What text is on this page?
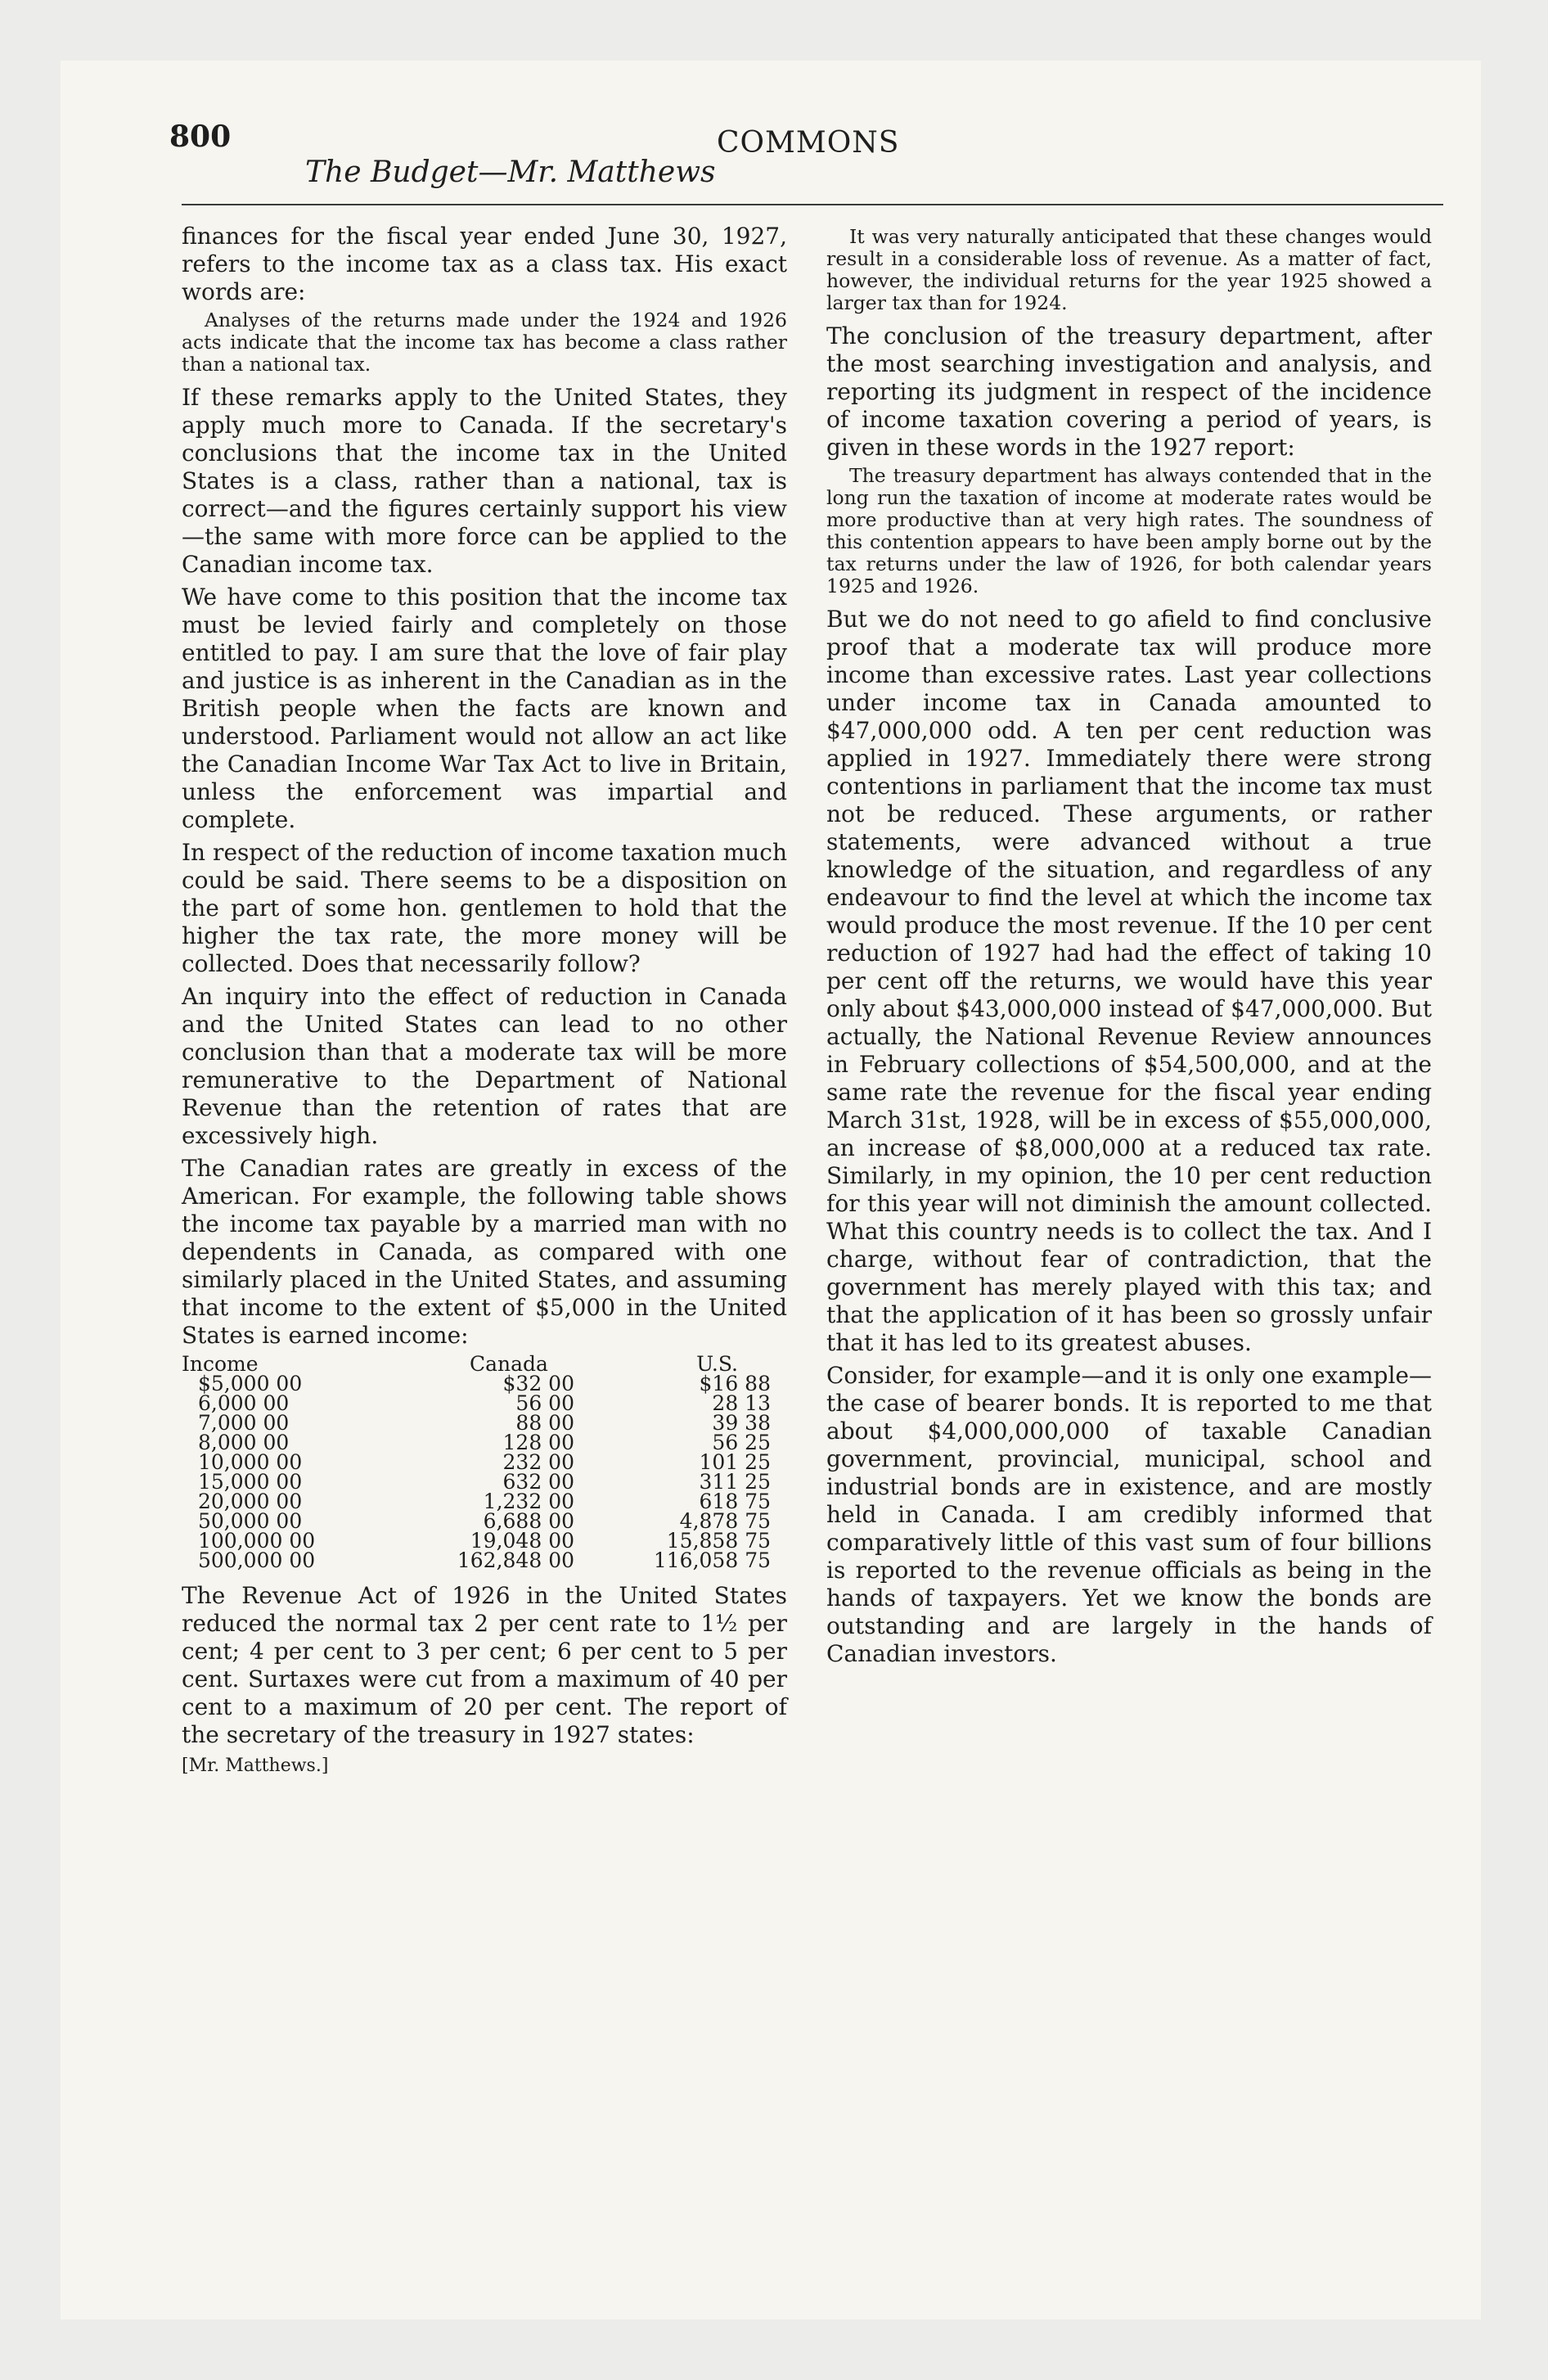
800	COMMONS
The Budget—Mr. Matthews

finances for the fiscal year ended June 30, 1927, refers to the income tax as a class tax. His exact words are:

Analyses of the returns made under the 1924 and 1926 acts indicate that the income tax has become a class rather than a national tax.

If these remarks apply to the United States, they apply much more to Canada. If the secretary's conclusions that the income tax in the United States is a class, rather than a national, tax is correct—and the figures certainly support his view—the same with more force can be applied to the Canadian income tax.

We have come to this position that the income tax must be levied fairly and completely on those entitled to pay. I am sure that the love of fair play and justice is as inherent in the Canadian as in the British people when the facts are known and understood. Parliament would not allow an act like the Canadian Income War Tax Act to live in Britain, unless the enforcement was impartial and complete.

In respect of the reduction of income taxation much could be said. There seems to be a disposition on the part of some hon. gentlemen to hold that the higher the tax rate, the more money will be collected. Does that necessarily follow?

An inquiry into the effect of reduction in Canada and the United States can lead to no other conclusion than that a moderate tax will be more remunerative to the Department of National Revenue than the retention of rates that are excessively high.

The Canadian rates are greatly in excess of the American. For example, the following table shows the income tax payable by a married man with no dependents in Canada, as compared with one similarly placed in the United States, and assuming that income to the extent of $5,000 in the United States is earned income:

Income	Canada	U.S.
$5,000 00	$32 00	$16 88
6,000 00	56 00	28 13
7,000 00	88 00	39 38
8,000 00	128 00	56 25
10,000 00	232 00	101 25
15,000 00	632 00	311 25
20,000 00	1,232 00	618 75
50,000 00	6,688 00	4,878 75
100,000 00	19,048 00	15,858 75
500,000 00	162,848 00	116,058 75

The Revenue Act of 1926 in the United States reduced the normal tax 2 per cent rate to 1½ per cent; 4 per cent to 3 per cent; 6 per cent to 5 per cent. Surtaxes were cut from a maximum of 40 per cent to a maximum of 20 per cent. The report of the secretary of the treasury in 1927 states:

[Mr. Matthews.]

It was very naturally anticipated that these changes would result in a considerable loss of revenue. As a matter of fact, however, the individual returns for the year 1925 showed a larger tax than for 1924.

The conclusion of the treasury department, after the most searching investigation and analysis, and reporting its judgment in respect of the incidence of income taxation covering a period of years, is given in these words in the 1927 report:

The treasury department has always contended that in the long run the taxation of income at moderate rates would be more productive than at very high rates. The soundness of this contention appears to have been amply borne out by the tax returns under the law of 1926, for both calendar years 1925 and 1926.

But we do not need to go afield to find conclusive proof that a moderate tax will produce more income than excessive rates. Last year collections under income tax in Canada amounted to $47,000,000 odd. A ten per cent reduction was applied in 1927. Immediately there were strong contentions in parliament that the income tax must not be reduced. These arguments, or rather statements, were advanced without a true knowledge of the situation, and regardless of any endeavour to find the level at which the income tax would produce the most revenue. If the 10 per cent reduction of 1927 had had the effect of taking 10 per cent off the returns, we would have this year only about $43,000,000 instead of $47,000,000. But actually, the National Revenue Review announces in February collections of $54,500,000, and at the same rate the revenue for the fiscal year ending March 31st, 1928, will be in excess of $55,000,000, an increase of $8,000,000 at a reduced tax rate. Similarly, in my opinion, the 10 per cent reduction for this year will not diminish the amount collected. What this country needs is to collect the tax. And I charge, without fear of contradiction, that the government has merely played with this tax; and that the application of it has been so grossly unfair that it has led to its greatest abuses.

Consider, for example—and it is only one example—the case of bearer bonds. It is reported to me that about $4,000,000,000 of taxable Canadian government, provincial, municipal, school and industrial bonds are in existence, and are mostly held in Canada. I am credibly informed that comparatively little of this vast sum of four billions is reported to the revenue officials as being in the hands of taxpayers. Yet we know the bonds are outstanding and are largely in the hands of Canadian investors.
